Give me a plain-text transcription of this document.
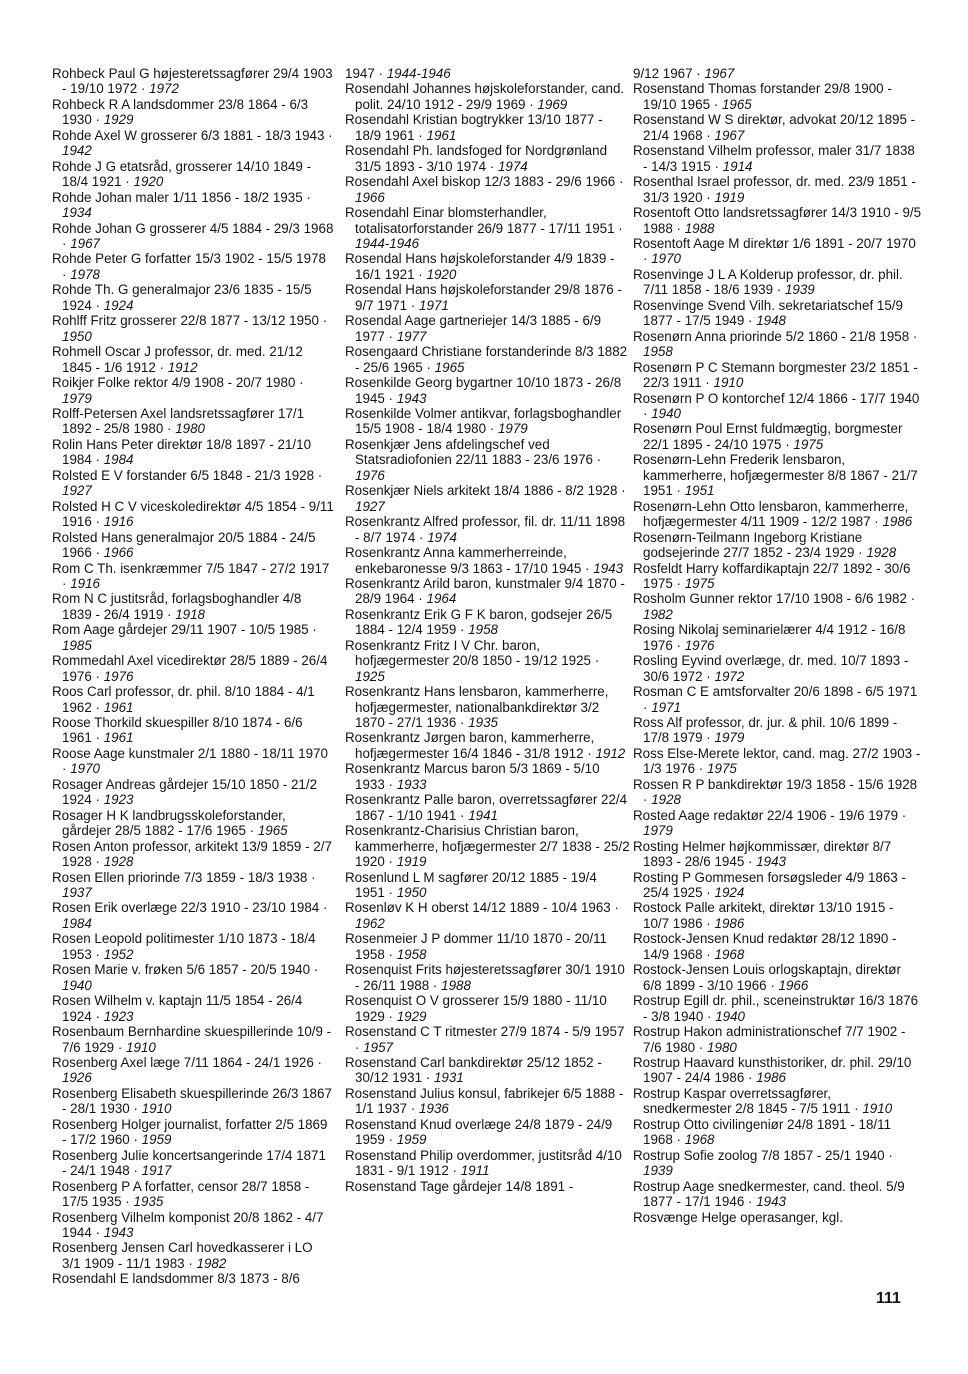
Rohbeck Paul G højesteretssagfører 29/4 1903 - 19/10 1972 · 1972
Rohbeck R A landsdommer 23/8 1864 - 6/3 1930 · 1929
Rohde Axel W grosserer 6/3 1881 - 18/3 1943 · 1942
Rohde J G etatsråd, grosserer 14/10 1849 - 18/4 1921 · 1920
Rohde Johan maler 1/11 1856 - 18/2 1935 · 1934
Rohde Johan G grosserer 4/5 1884 - 29/3 1968 · 1967
Rohde Peter G forfatter 15/3 1902 - 15/5 1978 · 1978
Rohde Th. G generalmajor 23/6 1835 - 15/5 1924 · 1924
Rohlff Fritz grosserer 22/8 1877 - 13/12 1950 · 1950
Rohmell Oscar J professor, dr. med. 21/12 1845 - 1/6 1912 · 1912
Roikjer Folke rektor 4/9 1908 - 20/7 1980 · 1979
Rolff-Petersen Axel landsretssagfører 17/1 1892 - 25/8 1980 · 1980
Rolin Hans Peter direktør 18/8 1897 - 21/10 1984 · 1984
Rolsted E V forstander 6/5 1848 - 21/3 1928 · 1927
Rolsted H C V viceskoledirektør 4/5 1854 - 9/11 1916 · 1916
Rolsted Hans generalmajor 20/5 1884 - 24/5 1966 · 1966
Rom C Th. isenkræmmer 7/5 1847 - 27/2 1917 · 1916
Rom N C justitsråd, forlagsboghandler 4/8 1839 - 26/4 1919 · 1918
Rom Aage gårdejer 29/11 1907 - 10/5 1985 · 1985
Rommedahl Axel vicedirektør 28/5 1889 - 26/4 1976 · 1976
Roos Carl professor, dr. phil. 8/10 1884 - 4/1 1962 · 1961
Roose Thorkild skuespiller 8/10 1874 - 6/6 1961 · 1961
Roose Aage kunstmaler 2/1 1880 - 18/11 1970 · 1970
Rosager Andreas gårdejer 15/10 1850 - 21/2 1924 · 1923
Rosager H K landbrugsskoleforstander, gårdejer 28/5 1882 - 17/6 1965 · 1965
Rosen Anton professor, arkitekt 13/9 1859 - 2/7 1928 · 1928
Rosen Ellen priorinde 7/3 1859 - 18/3 1938 · 1937
Rosen Erik overlæge 22/3 1910 - 23/10 1984 · 1984
Rosen Leopold politimester 1/10 1873 - 18/4 1953 · 1952
Rosen Marie v. frøken 5/6 1857 - 20/5 1940 · 1940
Rosen Wilhelm v. kaptajn 11/5 1854 - 26/4 1924 · 1923
Rosenbaum Bernhardine skuespillerinde 10/9 - 7/6 1929 · 1910
Rosenberg Axel læge 7/11 1864 - 24/1 1926 · 1926
Rosenberg Elisabeth skuespillerinde 26/3 1867 - 28/1 1930 · 1910
Rosenberg Holger journalist, forfatter 2/5 1869 - 17/2 1960 · 1959
Rosenberg Julie koncertsangerinde 17/4 1871 - 24/1 1948 · 1917
Rosenberg P A forfatter, censor 28/7 1858 - 17/5 1935 · 1935
Rosenberg Vilhelm komponist 20/8 1862 - 4/7 1944 · 1943
Rosenberg Jensen Carl hovedkasserer i LO 3/1 1909 - 11/1 1983 · 1982
Rosendahl E landsdommer 8/3 1873 - 8/6
1947 · 1944-1946
Rosendahl Johannes højskoleforstander, cand. polit. 24/10 1912 - 29/9 1969 · 1969
Rosendahl Kristian bogtrykker 13/10 1877 - 18/9 1961 · 1961
Rosendahl Ph. landsfoged for Nordgrønland 31/5 1893 - 3/10 1974 · 1974
Rosendahl Axel biskop 12/3 1883 - 29/6 1966 · 1966
Rosendahl Einar blomsterhandler, totalisatorforstander 26/9 1877 - 17/11 1951 · 1944-1946
Rosendal Hans højskoleforstander 4/9 1839 - 16/1 1921 · 1920
Rosendal Hans højskoleforstander 29/8 1876 - 9/7 1971 · 1971
Rosendal Aage gartneriejer 14/3 1885 - 6/9 1977 · 1977
Rosengaard Christiane forstanderinde 8/3 1882 - 25/6 1965 · 1965
Rosenkilde Georg bygartner 10/10 1873 - 26/8 1945 · 1943
Rosenkilde Volmer antikvar, forlagsboghandler 15/5 1908 - 18/4 1980 · 1979
Rosenkjær Jens afdelingschef ved Statsradiofonien 22/11 1883 - 23/6 1976 · 1976
Rosenkjær Niels arkitekt 18/4 1886 - 8/2 1928 · 1927
Rosenkrantz Alfred professor, fil. dr. 11/11 1898 - 8/7 1974 · 1974
Rosenkrantz Anna kammerherreinde, enkebaronesse 9/3 1863 - 17/10 1945 · 1943
Rosenkrantz Arild baron, kunstmaler 9/4 1870 - 28/9 1964 · 1964
Rosenkrantz Erik G F K baron, godsejer 26/5 1884 - 12/4 1959 · 1958
Rosenkrantz Fritz I V Chr. baron, hofjægermester 20/8 1850 - 19/12 1925 · 1925
Rosenkrantz Hans lensbaron, kammerherre, hofjægermester, nationalbankdirektør 3/2 1870 - 27/1 1936 · 1935
Rosenkrantz Jørgen baron, kammerherre, hofjægermester 16/4 1846 - 31/8 1912 · 1912
Rosenkrantz Marcus baron 5/3 1869 - 5/10 1933 · 1933
Rosenkrantz Palle baron, overretssagfører 22/4 1867 - 1/10 1941 · 1941
Rosenkrantz-Charisius Christian baron, kammerherre, hofjægermester 2/7 1838 - 25/2 1920 · 1919
Rosenlund L M sagfører 20/12 1885 - 19/4 1951 · 1950
Rosenløv K H oberst 14/12 1889 - 10/4 1963 · 1962
Rosenmeier J P dommer 11/10 1870 - 20/11 1958 · 1958
Rosenquist Frits højesteretssagfører 30/1 1910 - 26/11 1988 · 1988
Rosenquist O V grosserer 15/9 1880 - 11/10 1929 · 1929
Rosenstand C T ritmester 27/9 1874 - 5/9 1957 · 1957
Rosenstand Carl bankdirektør 25/12 1852 - 30/12 1931 · 1931
Rosenstand Julius konsul, fabrikejer 6/5 1888 - 1/1 1937 · 1936
Rosenstand Knud overlæge 24/8 1879 - 24/9 1959 · 1959
Rosenstand Philip overdommer, justitsråd 4/10 1831 - 9/1 1912 · 1911
Rosenstand Tage gårdejer 14/8 1891 -
9/12 1967 · 1967
Rosenstand Thomas forstander 29/8 1900 - 19/10 1965 · 1965
Rosenstand W S direktør, advokat 20/12 1895 - 21/4 1968 · 1967
Rosenstand Vilhelm professor, maler 31/7 1838 - 14/3 1915 · 1914
Rosenthal Israel professor, dr. med. 23/9 1851 - 31/3 1920 · 1919
Rosentoft Otto landsretssagfører 14/3 1910 - 9/5 1988 · 1988
Rosentoft Aage M direktør 1/6 1891 - 20/7 1970 · 1970
Rosenvinge J L A Kolderup professor, dr. phil. 7/11 1858 - 18/6 1939 · 1939
Rosenvinge Svend Vilh. sekretariatschef 15/9 1877 - 17/5 1949 · 1948
Rosenørn Anna priorinde 5/2 1860 - 21/8 1958 · 1958
Rosenørn P C Stemann borgmester 23/2 1851 - 22/3 1911 · 1910
Rosenørn P O kontorchef 12/4 1866 - 17/7 1940 · 1940
Rosenørn Poul Ernst fuldmægtig, borgmester 22/1 1895 - 24/10 1975 · 1975
Rosenørn-Lehn Frederik lensbaron, kammerherre, hofjægermester 8/8 1867 - 21/7 1951 · 1951
Rosenørn-Lehn Otto lensbaron, kammerherre, hofjægermester 4/11 1909 - 12/2 1987 · 1986
Rosenørn-Teilmann Ingeborg Kristiane godsejerinde 27/7 1852 - 23/4 1929 · 1928
Rosfeldt Harry koffardikaptajn 22/7 1892 - 30/6 1975 · 1975
Rosholm Gunner rektor 17/10 1908 - 6/6 1982 · 1982
Rosing Nikolaj seminarielærer 4/4 1912 - 16/8 1976 · 1976
Rosling Eyvind overlæge, dr. med. 10/7 1893 - 30/6 1972 · 1972
Rosman C E amtsforvalter 20/6 1898 - 6/5 1971 · 1971
Ross Alf professor, dr. jur. & phil. 10/6 1899 - 17/8 1979 · 1979
Ross Else-Merete lektor, cand. mag. 27/2 1903 - 1/3 1976 · 1975
Rossen R P bankdirektør 19/3 1858 - 15/6 1928 · 1928
Rosted Aage redaktør 22/4 1906 - 19/6 1979 · 1979
Rosting Helmer højkommissær, direktør 8/7 1893 - 28/6 1945 · 1943
Rosting P Gommesen forsøgsleder 4/9 1863 - 25/4 1925 · 1924
Rostock Palle arkitekt, direktør 13/10 1915 - 10/7 1986 · 1986
Rostock-Jensen Knud redaktør 28/12 1890 - 14/9 1968 · 1968
Rostock-Jensen Louis orlogskaptajn, direktør 6/8 1899 - 3/10 1966 · 1966
Rostrup Egill dr. phil., sceneinstruktør 16/3 1876 - 3/8 1940 · 1940
Rostrup Hakon administrationschef 7/7 1902 - 7/6 1980 · 1980
Rostrup Haavard kunsthistoriker, dr. phil. 29/10 1907 - 24/4 1986 · 1986
Rostrup Kaspar overretssagfører, snedkermester 2/8 1845 - 7/5 1911 · 1910
Rostrup Otto civilingeniør 24/8 1891 - 18/11 1968 · 1968
Rostrup Sofie zoolog 7/8 1857 - 25/1 1940 · 1939
Rostrup Aage snedkermester, cand. theol. 5/9 1877 - 17/1 1946 · 1943
Rosvænge Helge operasanger, kgl.
111
